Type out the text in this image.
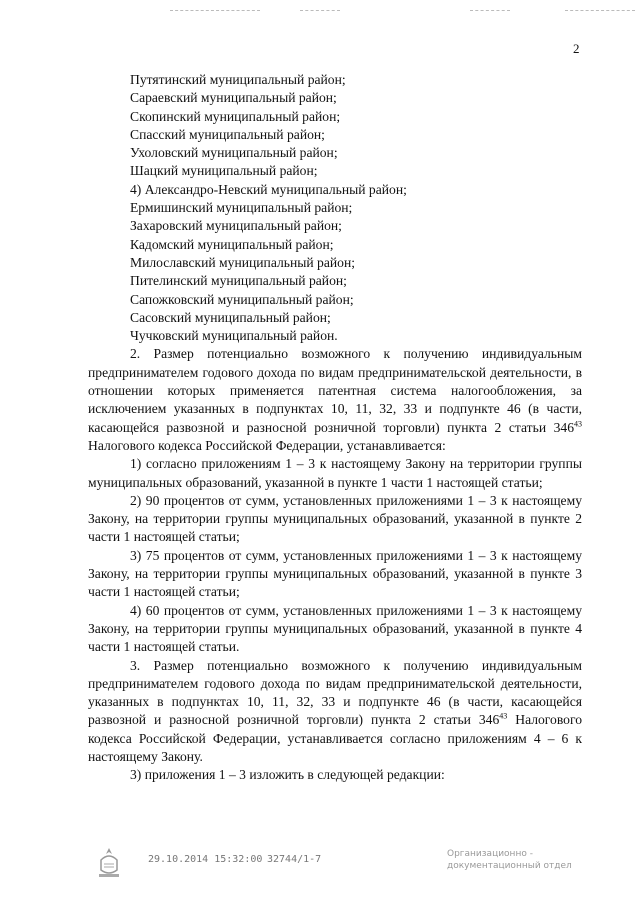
2
Путятинский муниципальный район;
Сараевский муниципальный район;
Скопинский муниципальный район;
Спасский муниципальный район;
Ухоловский муниципальный район;
Шацкий муниципальный район;
4) Александро-Невский муниципальный район;
Ермишинский муниципальный район;
Захаровский муниципальный район;
Кадомский муниципальный район;
Милославский муниципальный район;
Пителинский муниципальный район;
Сапожковский муниципальный район;
Сасовский муниципальный район;
Чучковский муниципальный район.

2. Размер потенциально возможного к получению индивидуальным предпринимателем годового дохода по видам предпринимательской деятельности, в отношении которых применяется патентная система налогообложения, за исключением указанных в подпунктах 10, 11, 32, 33 и подпункте 46 (в части, касающейся развозной и разносной розничной торговли) пункта 2 статьи $346^{43}$ Налогового кодекса Российской Федерации, устанавливается:

1) согласно приложениям 1 – 3 к настоящему Закону на территории группы муниципальных образований, указанной в пункте 1 части 1 настоящей статьи;

2) 90 процентов от сумм, установленных приложениями 1 – 3 к настоящему Закону, на территории группы муниципальных образований, указанной в пункте 2 части 1 настоящей статьи;

3) 75 процентов от сумм, установленных приложениями 1 – 3 к настоящему Закону, на территории группы муниципальных образований, указанной в пункте 3 части 1 настоящей статьи;

4) 60 процентов от сумм, установленных приложениями 1 – 3 к настоящему Закону, на территории группы муниципальных образований, указанной в пункте 4 части 1 настоящей статьи.

3. Размер потенциально возможного к получению индивидуальным предпринимателем годового дохода по видам предпринимательской деятельности, указанных в подпунктах 10, 11, 32, 33 и подпункте 46 (в части, касающейся развозной и разносной розничной торговли) пункта 2 статьи $346^{43}$ Налогового кодекса Российской Федерации, устанавливается согласно приложениям 4 – 6 к настоящему Закону.

3) приложения 1 – 3 изложить в следующей редакции:

29.10.2014 15:32:00 32744/1-7	Организационно -
документационный отдел
